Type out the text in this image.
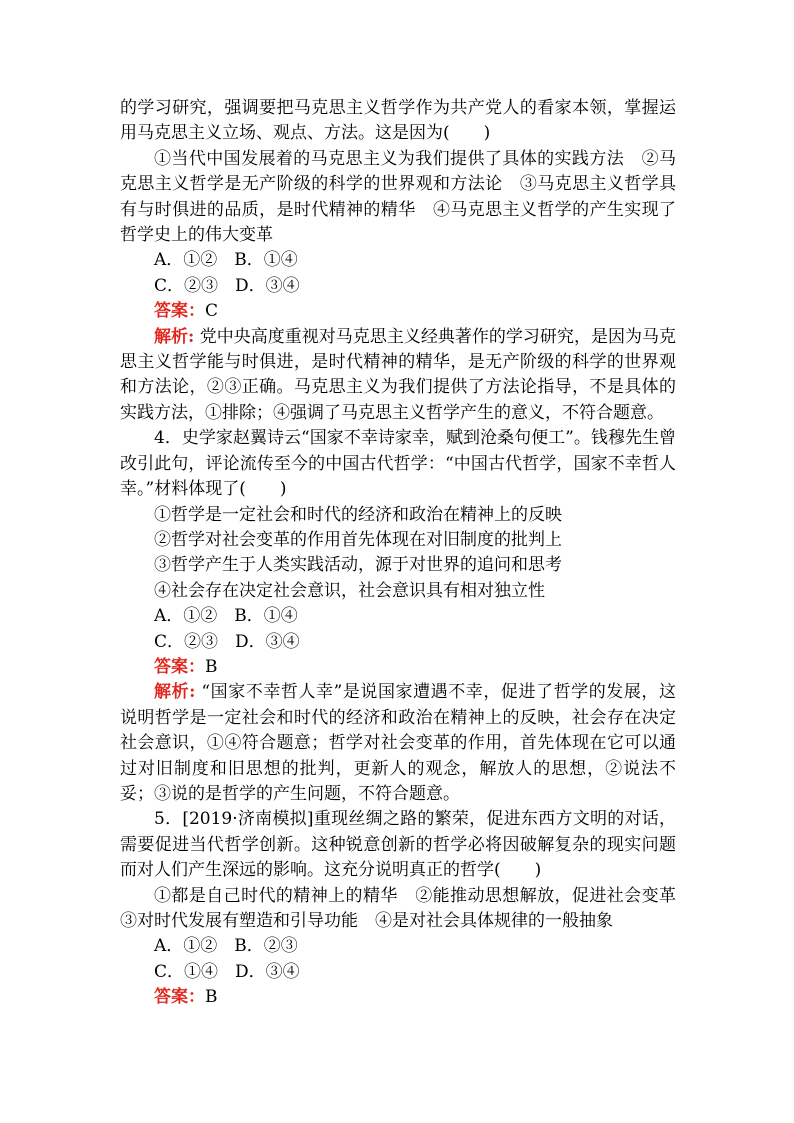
的学习研究，强调要把马克思主义哲学作为共产党人的看家本领，掌握运用马克思主义立场、观点、方法。这是因为(　　)

①当代中国发展着的马克思主义为我们提供了具体的实践方法　②马克思主义哲学是无产阶级的科学的世界观和方法论　③马克思主义哲学具有与时俱进的品质，是时代精神的精华　④马克思主义哲学的产生实现了哲学史上的伟大变革

A．①②　B．①④

C．②③　D．③④

答案：C

解析: 党中央高度重视对马克思主义经典著作的学习研究，是因为马克思主义哲学能与时俱进，是时代精神的精华，是无产阶级的科学的世界观和方法论，②③正确。马克思主义为我们提供了方法论指导，不是具体的实践方法，①排除；④强调了马克思主义哲学产生的意义，不符合题意。

4．史学家赵翼诗云“国家不幸诗家幸，赋到沧桑句便工”。钱穆先生曾改引此句，评论流传至今的中国古代哲学：“中国古代哲学，国家不幸哲人幸。”材料体现了(　　)

①哲学是一定社会和时代的经济和政治在精神上的反映

②哲学对社会变革的作用首先体现在对旧制度的批判上

③哲学产生于人类实践活动，源于对世界的追问和思考

④社会存在决定社会意识，社会意识具有相对独立性

A．①②　B．①④

C．②③　D．③④

答案：B

解析: “国家不幸哲人幸”是说国家遭遇不幸，促进了哲学的发展，这说明哲学是一定社会和时代的经济和政治在精神上的反映，社会存在决定社会意识，①④符合题意；哲学对社会变革的作用，首先体现在它可以通过对旧制度和旧思想的批判，更新人的观念，解放人的思想，②说法不妥；③说的是哲学的产生问题，不符合题意。

5．[2019·济南模拟]重现丝绸之路的繁荣，促进东西方文明的对话，需要促进当代哲学创新。这种锐意创新的哲学必将因破解复杂的现实问题而对人们产生深远的影响。这充分说明真正的哲学(　　)

①都是自己时代的精神上的精华　②能推动思想解放，促进社会变革　③对时代发展有塑造和引导功能　④是对社会具体规律的一般抽象

A．①②　B．②③

C．①④　D．③④

答案：B
